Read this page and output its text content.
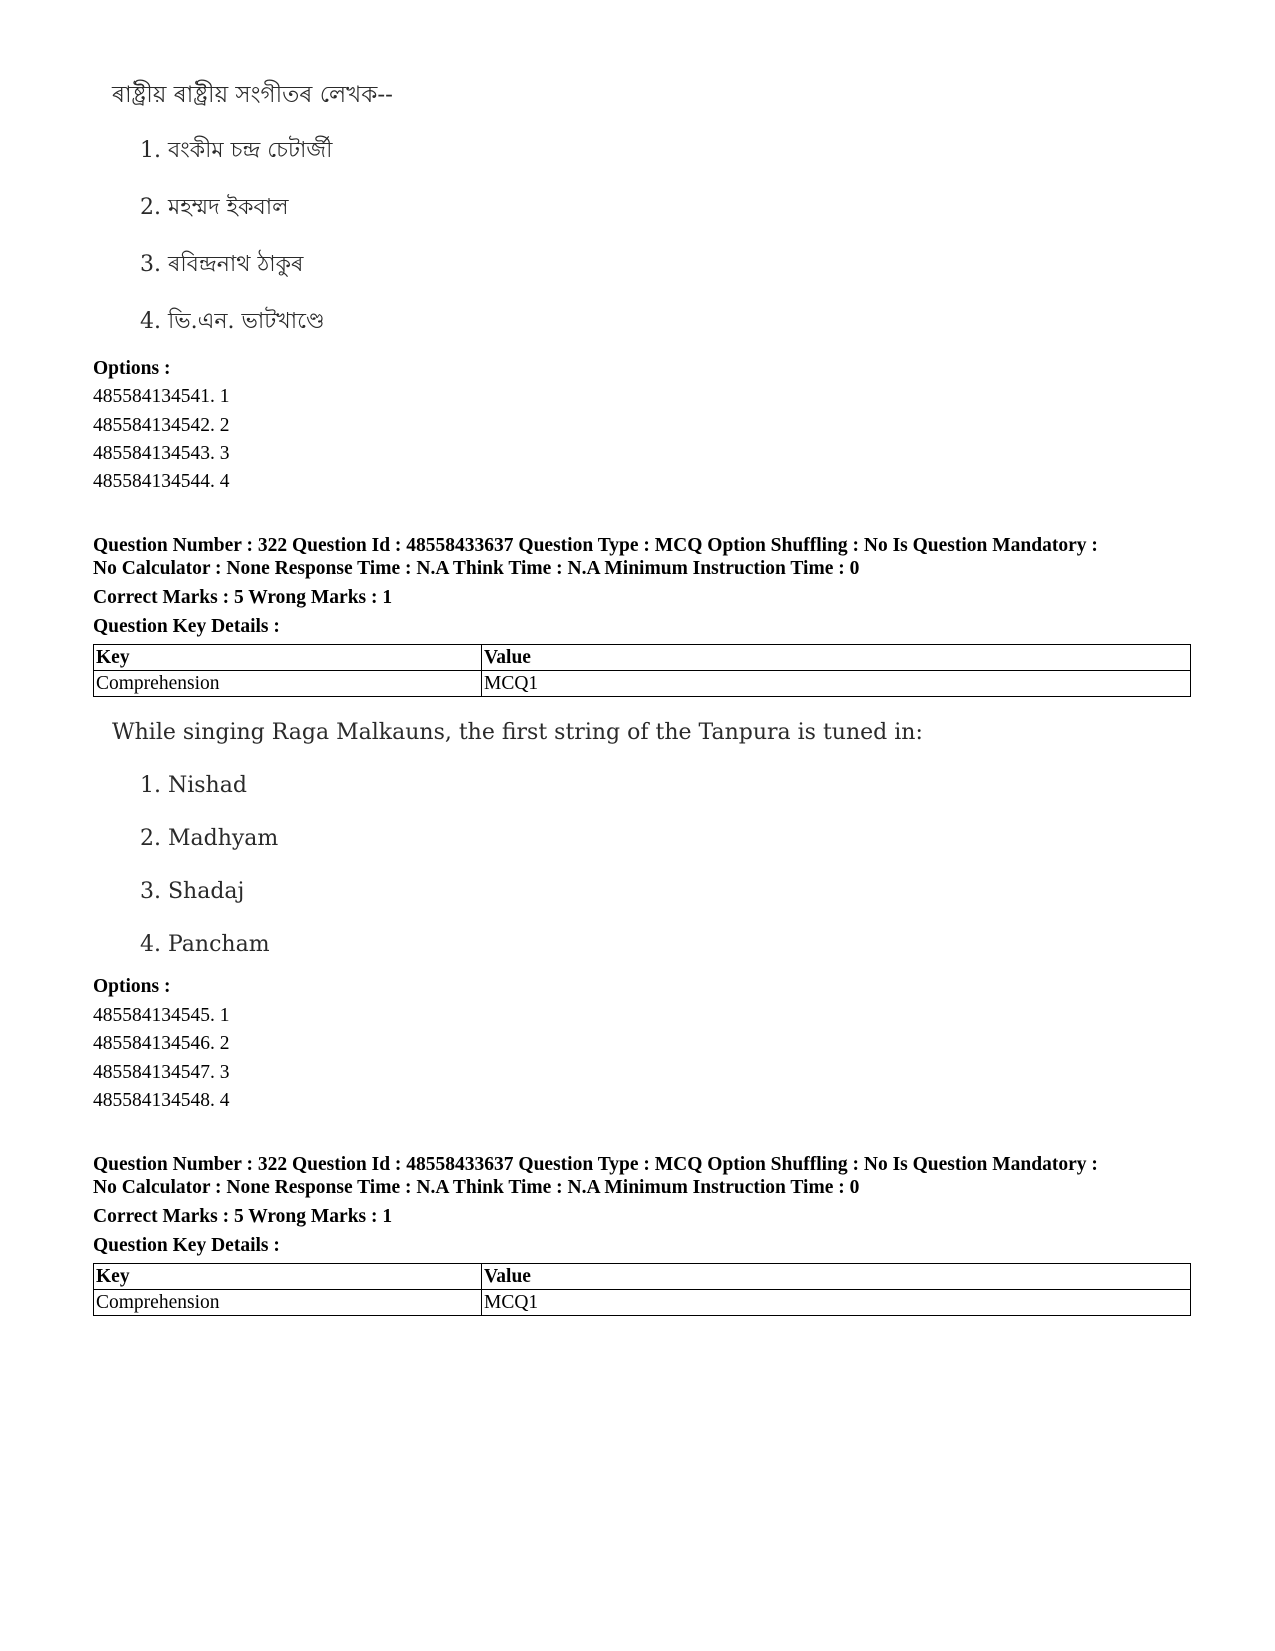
ৰাষ্ট্ৰীয় ৰাষ্ট্ৰীয় সংগীতৰ লেখক--
1. বংকীম চন্দ্ৰ চেটাৰ্জী
2. মহম্মদ ইকবাল
3. ৰবিন্দ্ৰনাথ ঠাকুৰ
4. ভি.এন. ভাটখাণ্ডে
Options :
485584134541. 1
485584134542. 2
485584134543. 3
485584134544. 4
Question Number : 322 Question Id : 48558433637 Question Type : MCQ Option Shuffling : No Is Question Mandatory :
No Calculator : None Response Time : N.A Think Time : N.A Minimum Instruction Time : 0
Correct Marks : 5 Wrong Marks : 1
Question Key Details :
Key	Value
Comprehension	MCQ1
While singing Raga Malkauns, the first string of the Tanpura is tuned in:
1. Nishad
2. Madhyam
3. Shadaj
4. Pancham
Options :
485584134545. 1
485584134546. 2
485584134547. 3
485584134548. 4
Question Number : 322 Question Id : 48558433637 Question Type : MCQ Option Shuffling : No Is Question Mandatory :
No Calculator : None Response Time : N.A Think Time : N.A Minimum Instruction Time : 0
Correct Marks : 5 Wrong Marks : 1
Question Key Details :
Key	Value
Comprehension	MCQ1
